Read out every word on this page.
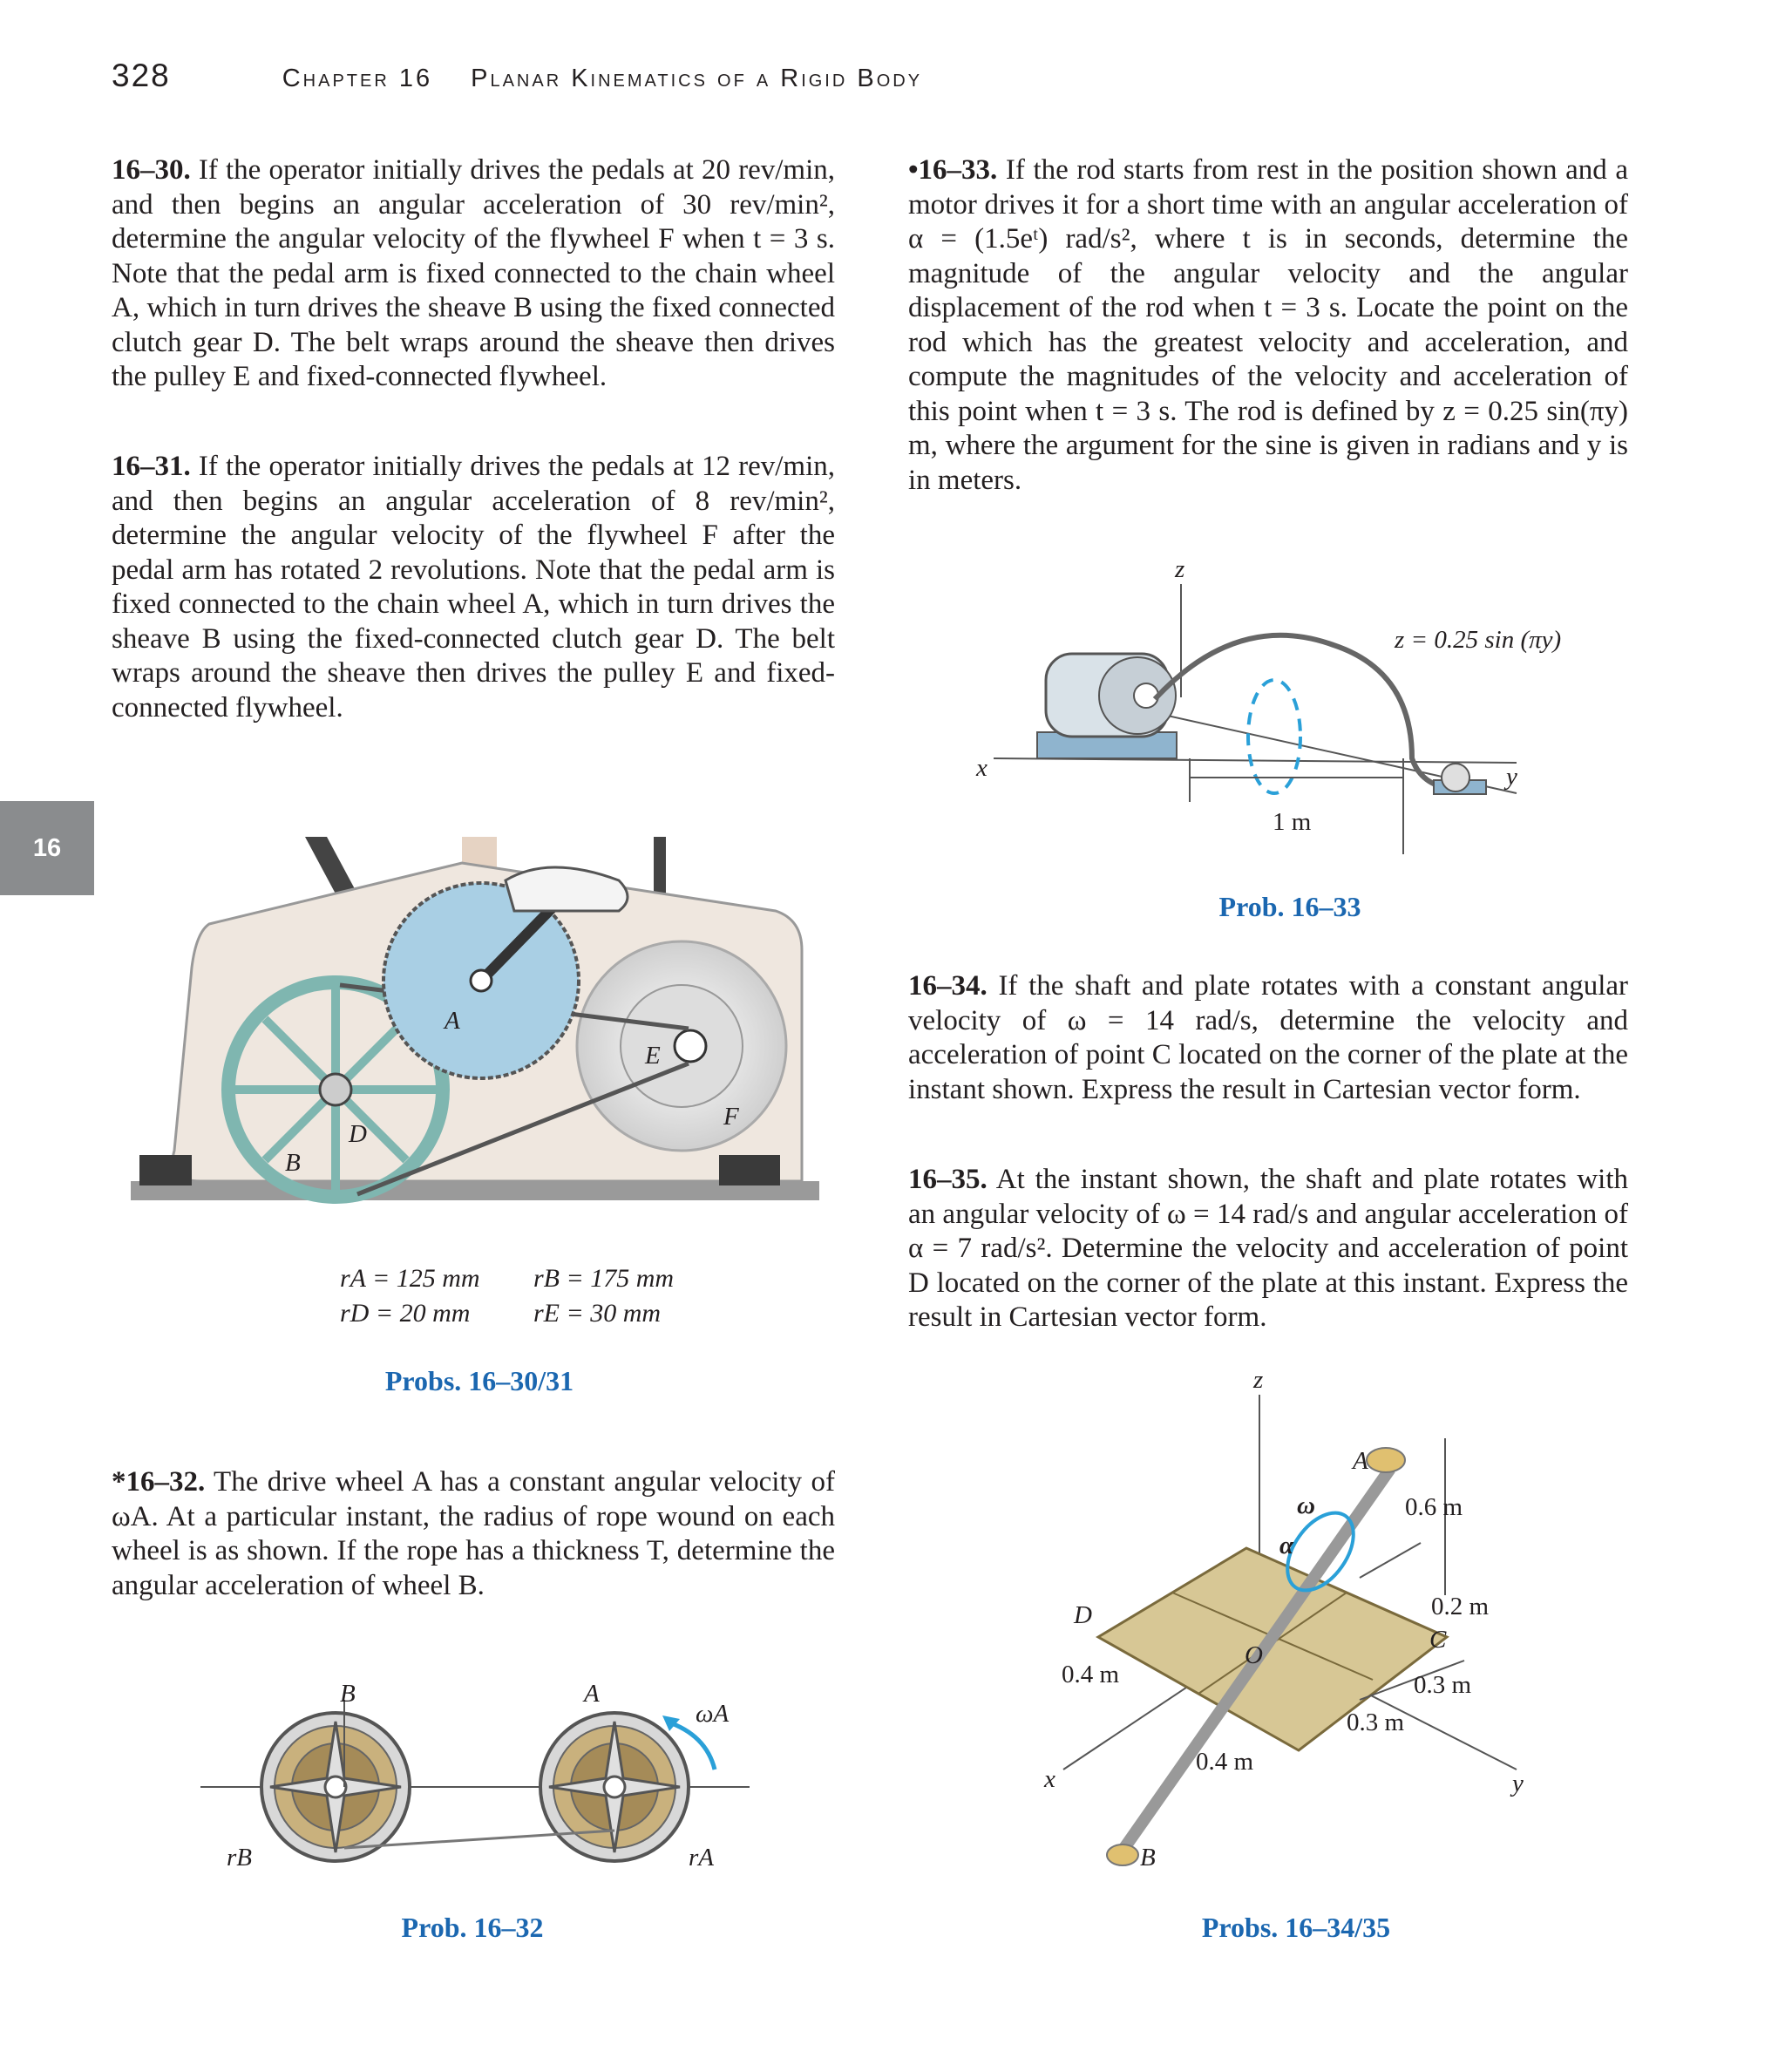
328	Chapter 16 Planar Kinematics of a Rigid Body
16
16–30. If the operator initially drives the pedals at 20 rev/min, and then begins an angular acceleration of 30 rev/min², determine the angular velocity of the flywheel F when t = 3 s. Note that the pedal arm is fixed connected to the chain wheel A, which in turn drives the sheave B using the fixed connected clutch gear D. The belt wraps around the sheave then drives the pulley E and fixed-connected flywheel.
16–31. If the operator initially drives the pedals at 12 rev/min, and then begins an angular acceleration of 8 rev/min², determine the angular velocity of the flywheel F after the pedal arm has rotated 2 revolutions. Note that the pedal arm is fixed connected to the chain wheel A, which in turn drives the sheave B using the fixed-connected clutch gear D. The belt wraps around the sheave then drives the pulley E and fixed-connected flywheel.
A
E
F
D
B
rA = 125 mm rB = 175 mm
rD = 20 mm rE = 30 mm
Probs. 16–30/31
*16–32. The drive wheel A has a constant angular velocity of ωA. At a particular instant, the radius of rope wound on each wheel is as shown. If the rope has a thickness T, determine the angular acceleration of wheel B.
B	A
ωA
rB	rA
Prob. 16–32
•16–33. If the rod starts from rest in the position shown and a motor drives it for a short time with an angular acceleration of α = (1.5eᵗ) rad/s², where t is in seconds, determine the magnitude of the angular velocity and the angular displacement of the rod when t = 3 s. Locate the point on the rod which has the greatest velocity and acceleration, and compute the magnitudes of the velocity and acceleration of this point when t = 3 s. The rod is defined by z = 0.25 sin(πy) m, where the argument for the sine is given in radians and y is in meters.
z
x	y
z = 0.25 sin (πy)
1 m
Prob. 16–33
16–34. If the shaft and plate rotates with a constant angular velocity of ω = 14 rad/s, determine the velocity and acceleration of point C located on the corner of the plate at the instant shown. Express the result in Cartesian vector form.
16–35. At the instant shown, the shaft and plate rotates with an angular velocity of ω = 14 rad/s and angular acceleration of α = 7 rad/s². Determine the velocity and acceleration of point D located on the corner of the plate at this instant. Express the result in Cartesian vector form.
z
x	y
A
B
C
D
O
ω
α
0.6 m
0.2 m
0.4 m	0.3 m
0.3 m
0.4 m
Probs. 16–34/35
